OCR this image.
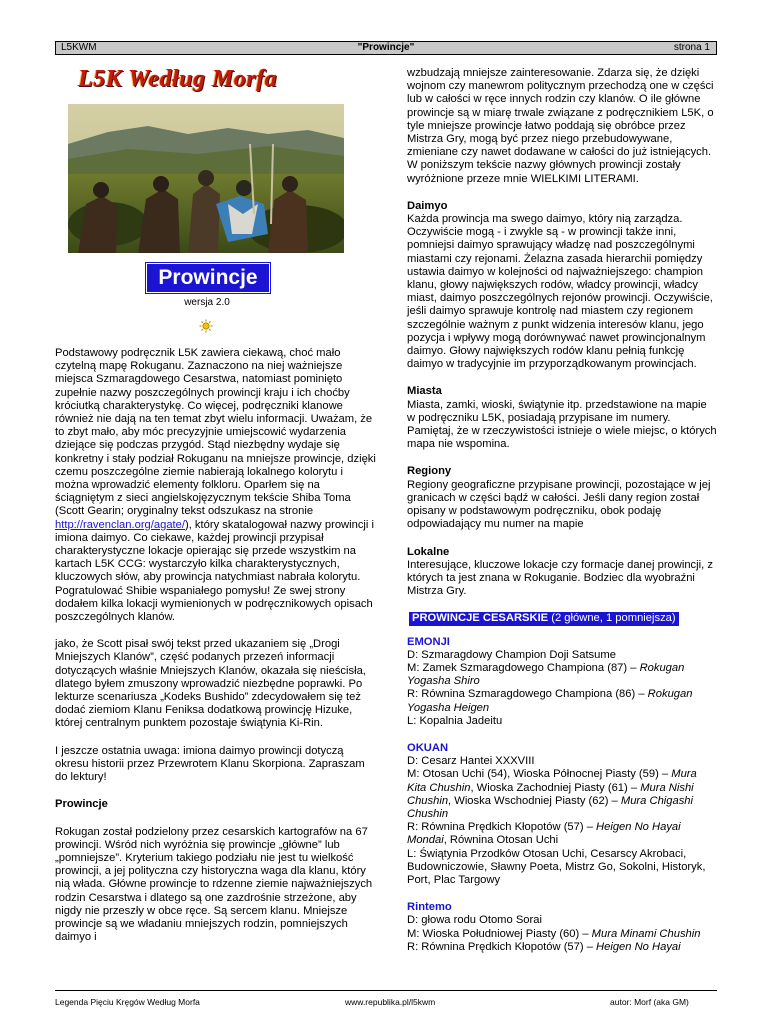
"Prowincje"
L5KWM	strona 1
L5K Według Morfa
Prowincje
wersja 2.0

Podstawowy podręcznik L5K zawiera ciekawą, choć mało czytelną mapę Rokuganu. Zaznaczono na niej ważniejsze miejsca Szmaragdowego Cesarstwa, natomiast pominięto zupełnie nazwy poszczególnych prowincji kraju i ich choćby króciutką charakterystykę. Co więcej, podręczniki klanowe również nie dają na ten temat zbyt wielu informacji. Uważam, że to zbyt mało, aby móc precyzyjnie umiejscowić wydarzenia dziejące się podczas przygód. Stąd niezbędny wydaje się konkretny i stały podział Rokuganu na mniejsze prowincje, dzięki czemu poszczególne ziemie nabierają lokalnego kolorytu i można wprowadzić elementy folkloru. Oparłem się na ściągniętym z sieci angielskojęzycznym tekście Shiba Toma (Scott Gearin; oryginalny tekst odszukasz na stronie http://ravenclan.org/agate/), który skatalogował nazwy prowincji i imiona daimyo. Co ciekawe, każdej prowincji przypisał charakterystyczne lokacje opierając się przede wszystkim na kartach L5K CCG: wystarczyło kilka charakterystycznych, kluczowych słów, aby prowincja natychmiast nabrała kolorytu. Pogratulować Shibie wspaniałego pomysłu! Ze swej strony dodałem kilka lokacji wymienionych w podręcznikowych opisach poszczególnych klanów.

jako, że Scott pisał swój tekst przed ukazaniem się „Drogi Mniejszych Klanów”, część podanych przezeń informacji dotyczących właśnie Mniejszych Klanów, okazała się nieścisła, dlatego byłem zmuszony wprowadzić niezbędne poprawki. Po lekturze scenariusza „Kodeks Bushido” zdecydowałem się też dodać ziemiom Klanu Feniksa dodatkową prowincję Hizuke, której centralnym punktem pozostaje świątynia Ki-Rin.

I jeszcze ostatnia uwaga: imiona daimyo prowincji dotyczą okresu historii przez Przewrotem Klanu Skorpiona. Zapraszam do lektury!

Prowincje

Rokugan został podzielony przez cesarskich kartografów na 67 prowincji. Wśród nich wyróżnia się prowincje „główne” lub „pomniejsze”. Kryterium takiego podziału nie jest tu wielkość prowincji, a jej polityczna czy historyczna waga dla klanu, który nią włada. Główne prowincje to rdzenne ziemie najważniejszych rodzin Cesarstwa i dlatego są one zazdrośnie strzeżone, aby nigdy nie przeszły w obce ręce. Są sercem klanu. Mniejsze prowincje są we władaniu mniejszych rodzin, pomniejszych daimyo i

wzbudzają mniejsze zainteresowanie. Zdarza się, że dzięki wojnom czy manewrom politycznym przechodzą one w części lub w całości w ręce innych rodzin czy klanów. O ile główne prowincje są w miarę trwale związane z podręcznikiem L5K, o tyle mniejsze prowincje łatwo poddają się obróbce przez Mistrza Gry, mogą być przez niego przebudowywane, zmieniane czy nawet dodawane w całości do już istniejących. W poniższym tekście nazwy głównych prowincji zostały wyróżnione przeze mnie WIELKIMI LITERAMI.

Daimyo

Każda prowincja ma swego daimyo, który nią zarządza. Oczywiście mogą - i zwykle są - w prowincji także inni, pomniejsi daimyo sprawujący władzę nad poszczególnymi miastami czy rejonami. Żelazna zasada hierarchii pomiędzy ustawia daimyo w kolejności od najważniejszego: champion klanu, głowy największych rodów, władcy prowincji, władcy miast, daimyo poszczególnych rejonów prowincji. Oczywiście, jeśli daimyo sprawuje kontrolę nad miastem czy regionem szczególnie ważnym z punkt widzenia interesów klanu, jego pozycja i wpływy mogą dorównywać nawet prowincjonalnym daimyo. Głowy największych rodów klanu pełnią funkcję daimyo w tradycyjnie im przyporządkowanym prowincjach.

Miasta

Miasta, zamki, wioski, świątynie itp. przedstawione na mapie w podręczniku L5K, posiadają przypisane im numery. Pamiętaj, że w rzeczywistości istnieje o wiele miejsc, o których mapa nie wspomina.

Regiony

Regiony geograficzne przypisane prowincji, pozostające w jej granicach w części bądź w całości. Jeśli dany region został opisany w podstawowym podręczniku, obok podaję odpowiadający mu numer na mapie

Lokalne

Interesujące, kluczowe lokacje czy formacje danej prowincji, z których ta jest znana w Rokuganie. Bodziec dla wyobraźni Mistrza Gry.

PROWINCJE CESARSKIE (2 główne, 1 pomniejsza)
EMONJI

D: Szmaragdowy Champion Doji Satsume

M: Zamek Szmaragdowego Championa (87) – Rokugan Yogasha Shiro

R: Równina Szmaragdowego Championa (86) – Rokugan Yogasha Heigen

L: Kopalnia Jadeitu

OKUAN

D: Cesarz Hantei XXXVIII

M: Otosan Uchi (54), Wioska Północnej Piasty (59) – Mura Kita Chushin, Wioska Zachodniej Piasty (61) – Mura Nishi Chushin, Wioska Wschodniej Piasty (62) – Mura Chigashi Chushin

R: Równina Prędkich Kłopotów (57) – Heigen No Hayai Mondai, Równina Otosan Uchi

L: Świątynia Przodków Otosan Uchi, Cesarscy Akrobaci, Budowniczowie, Sławny Poeta, Mistrz Go, Sokolni, Historyk, Port, Plac Targowy

Rintemo

D: głowa rodu Otomo Sorai

M: Wioska Południowej Piasty (60) – Mura Minami Chushin

R: Równina Prędkich Kłopotów (57) – Heigen No Hayai

Legenda Pięciu Kręgów Według Morfa	www.republika.pl/l5kwm	autor: Morf (aka GM)
